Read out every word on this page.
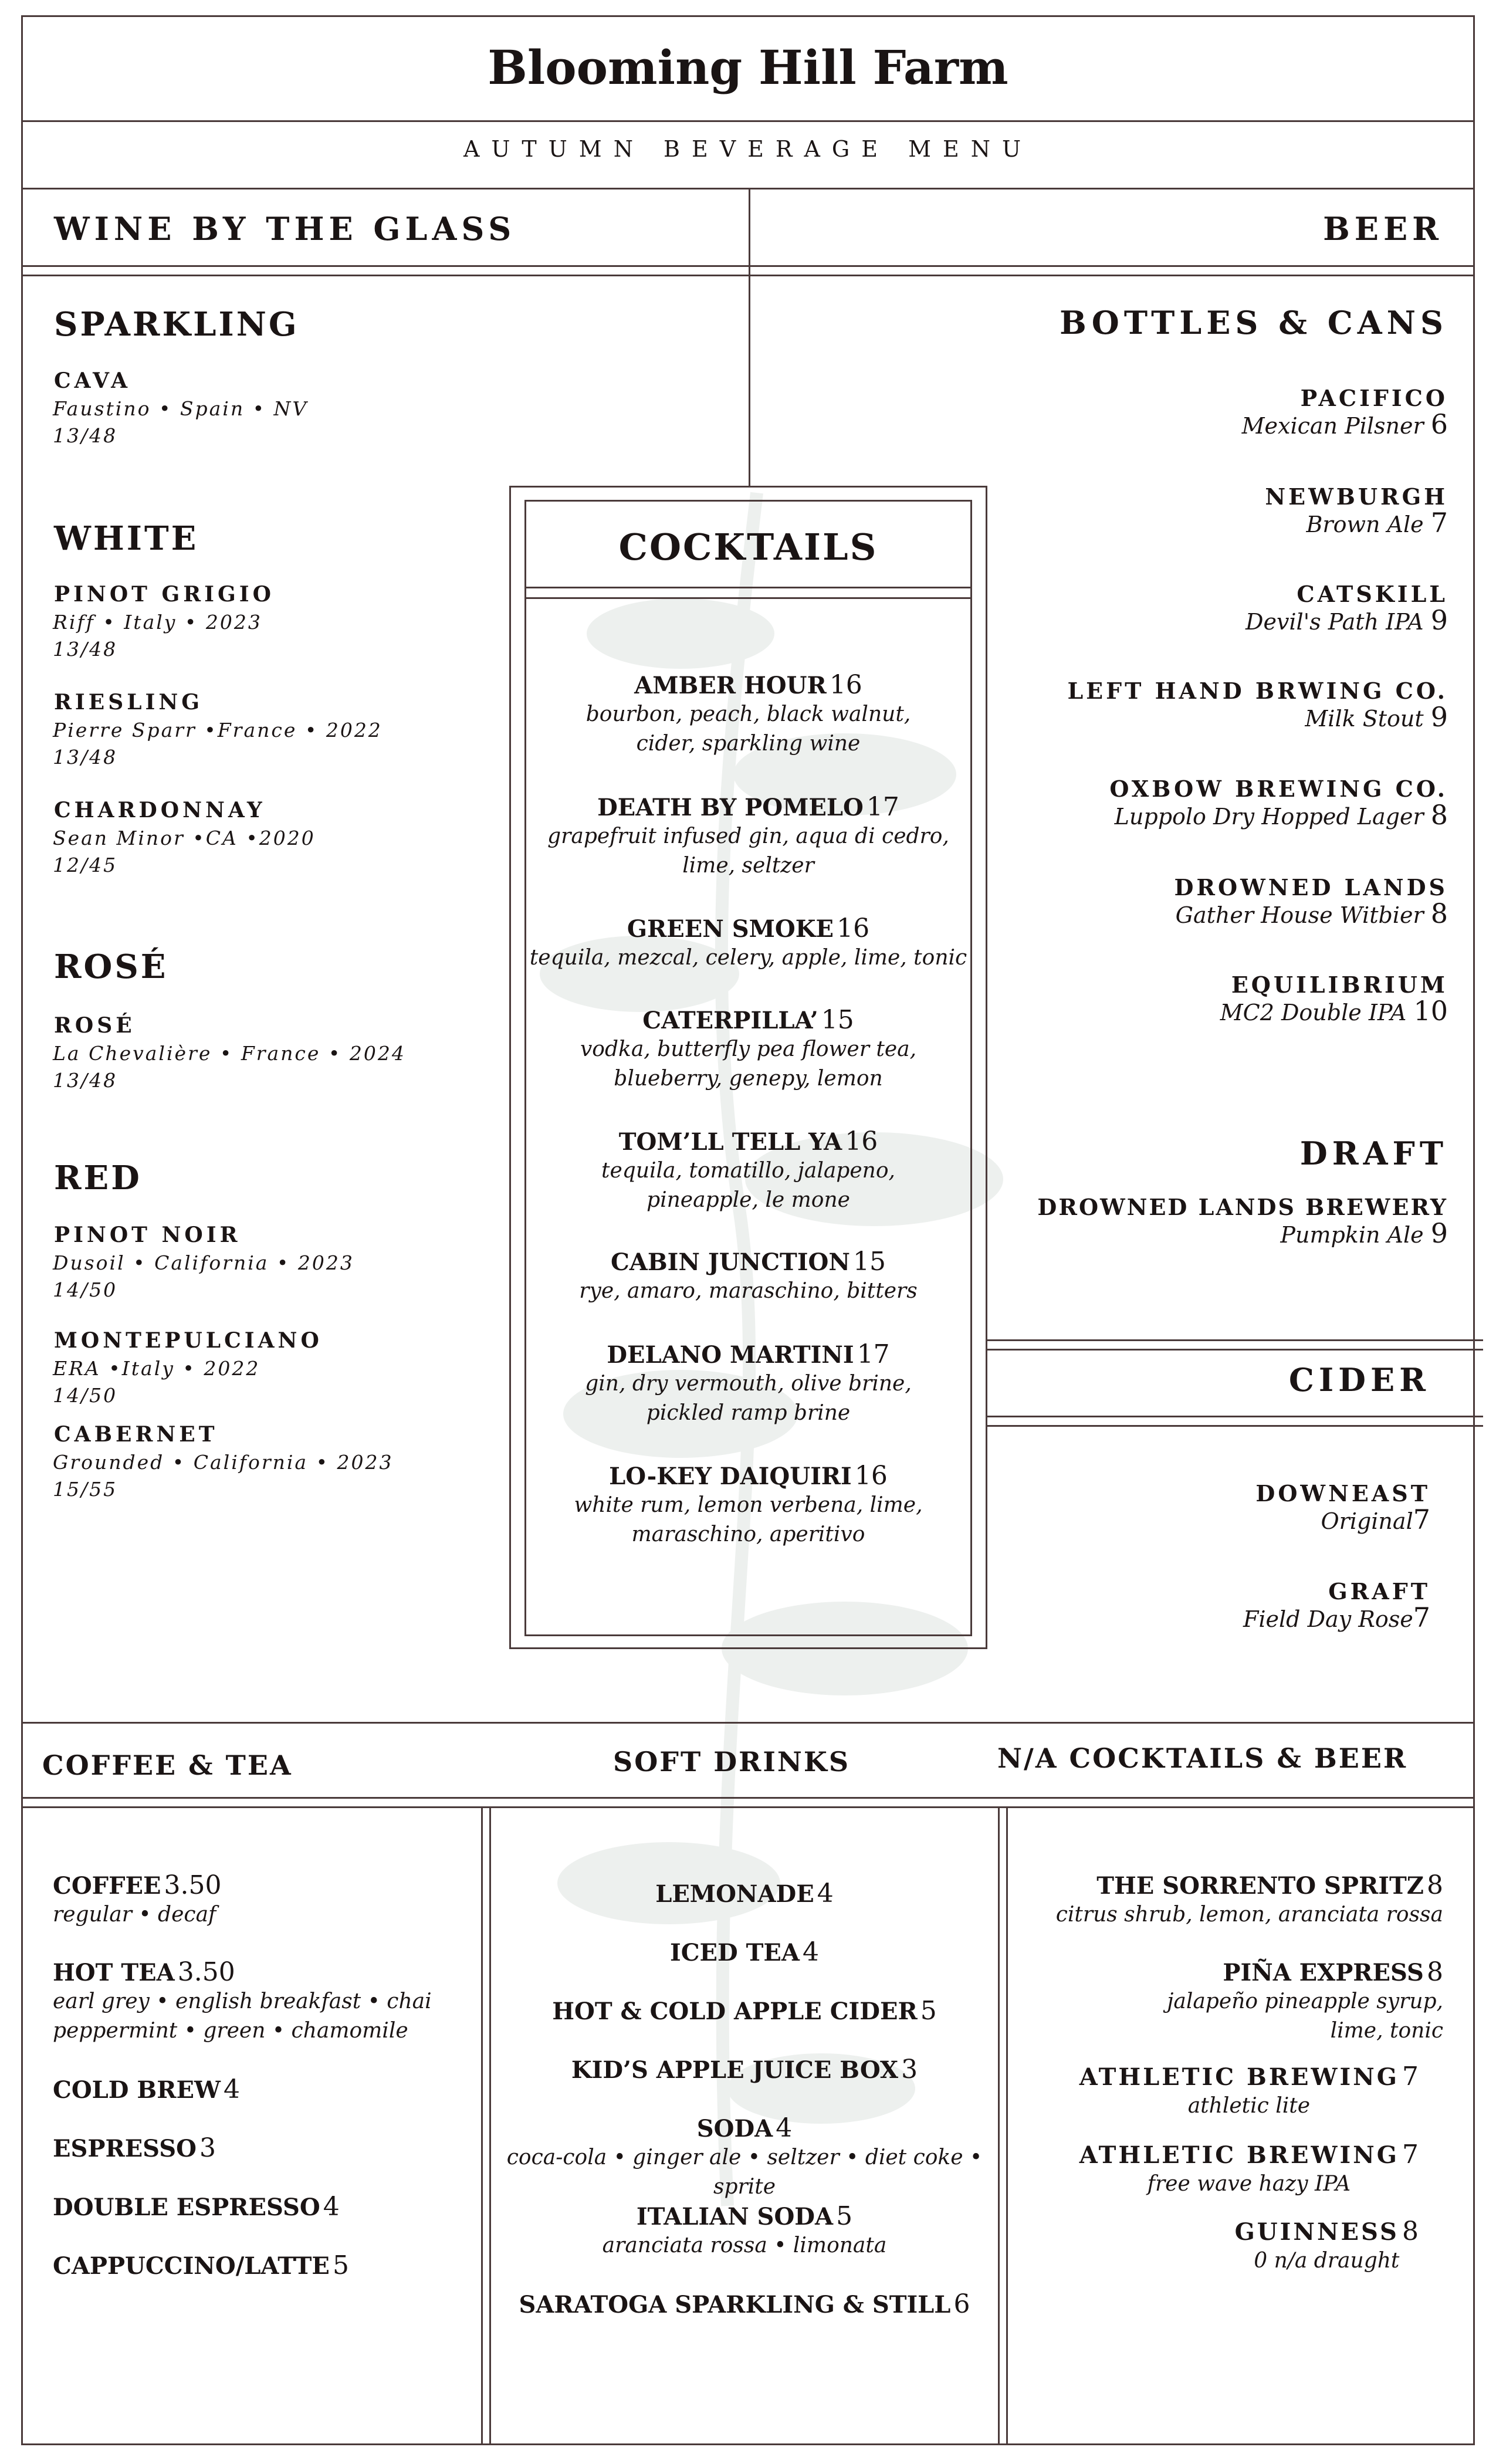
Blooming Hill Farm
AUTUMN BEVERAGE MENU
WINE BY THE GLASS	BEER
SPARKLING
CAVA
Faustino • Spain • NV
13/48
WHITE
PINOT GRIGIO
Riff • Italy • 2023
13/48
RIESLING
Pierre Sparr •France • 2022
13/48
CHARDONNAY
Sean Minor •CA •2020
12/45
ROSÉ
ROSÉ
La Chevalière • France • 2024
13/48
RED
PINOT NOIR
Dusoil • California • 2023
14/50
MONTEPULCIANO
ERA •Italy • 2022
14/50
CABERNET
Grounded • California • 2023
15/55
BOTTLES & CANS
PACIFICO
Mexican Pilsner 6
NEWBURGH
Brown Ale 7
CATSKILL
Devil's Path IPA 9
LEFT HAND BRWING CO.
Milk Stout 9
OXBOW BREWING CO.
Luppolo Dry Hopped Lager 8
DROWNED LANDS
Gather House Witbier 8
EQUILIBRIUM
MC2 Double IPA 10
DRAFT
DROWNED LANDS BREWERY
Pumpkin Ale 9
CIDER
DOWNEAST
Original7
GRAFT
Field Day Rose7
COCKTAILS
AMBER HOUR 16
bourbon, peach, black walnut,
cider, sparkling wine
DEATH BY POMELO 17
grapefruit infused gin, aqua di cedro,
lime, seltzer
GREEN SMOKE 16
tequila, mezcal, celery, apple, lime, tonic
CATERPILLA’ 15
vodka, butterfly pea flower tea,
blueberry, genepy, lemon
TOM’LL TELL YA 16
tequila, tomatillo, jalapeno,
pineapple, le mone
CABIN JUNCTION 15
rye, amaro, maraschino, bitters
DELANO MARTINI 17
gin, dry vermouth, olive brine,
pickled ramp brine
LO-KEY DAIQUIRI 16
white rum, lemon verbena, lime,
maraschino, aperitivo
COFFEE & TEA	SOFT DRINKS	N/A COCKTAILS & BEER
COFFEE 3.50
regular • decaf
HOT TEA 3.50
earl grey • english breakfast • chai
peppermint • green • chamomile
COLD BREW 4
ESPRESSO 3
DOUBLE ESPRESSO 4
CAPPUCCINO/LATTE 5
LEMONADE 4
ICED TEA 4
HOT & COLD APPLE CIDER 5
KID’S APPLE JUICE BOX 3
SODA 4
coca-cola • ginger ale • seltzer • diet coke • sprite
ITALIAN SODA 5
aranciata rossa • limonata
SARATOGA SPARKLING & STILL 6
THE SORRENTO SPRITZ 8
citrus shrub, lemon, aranciata rossa
PIÑA EXPRESS 8
jalapeño pineapple syrup,
lime, tonic
ATHLETIC BREWING 7
athletic lite
ATHLETIC BREWING 7
free wave hazy IPA
GUINNESS 8
0 n/a draught
